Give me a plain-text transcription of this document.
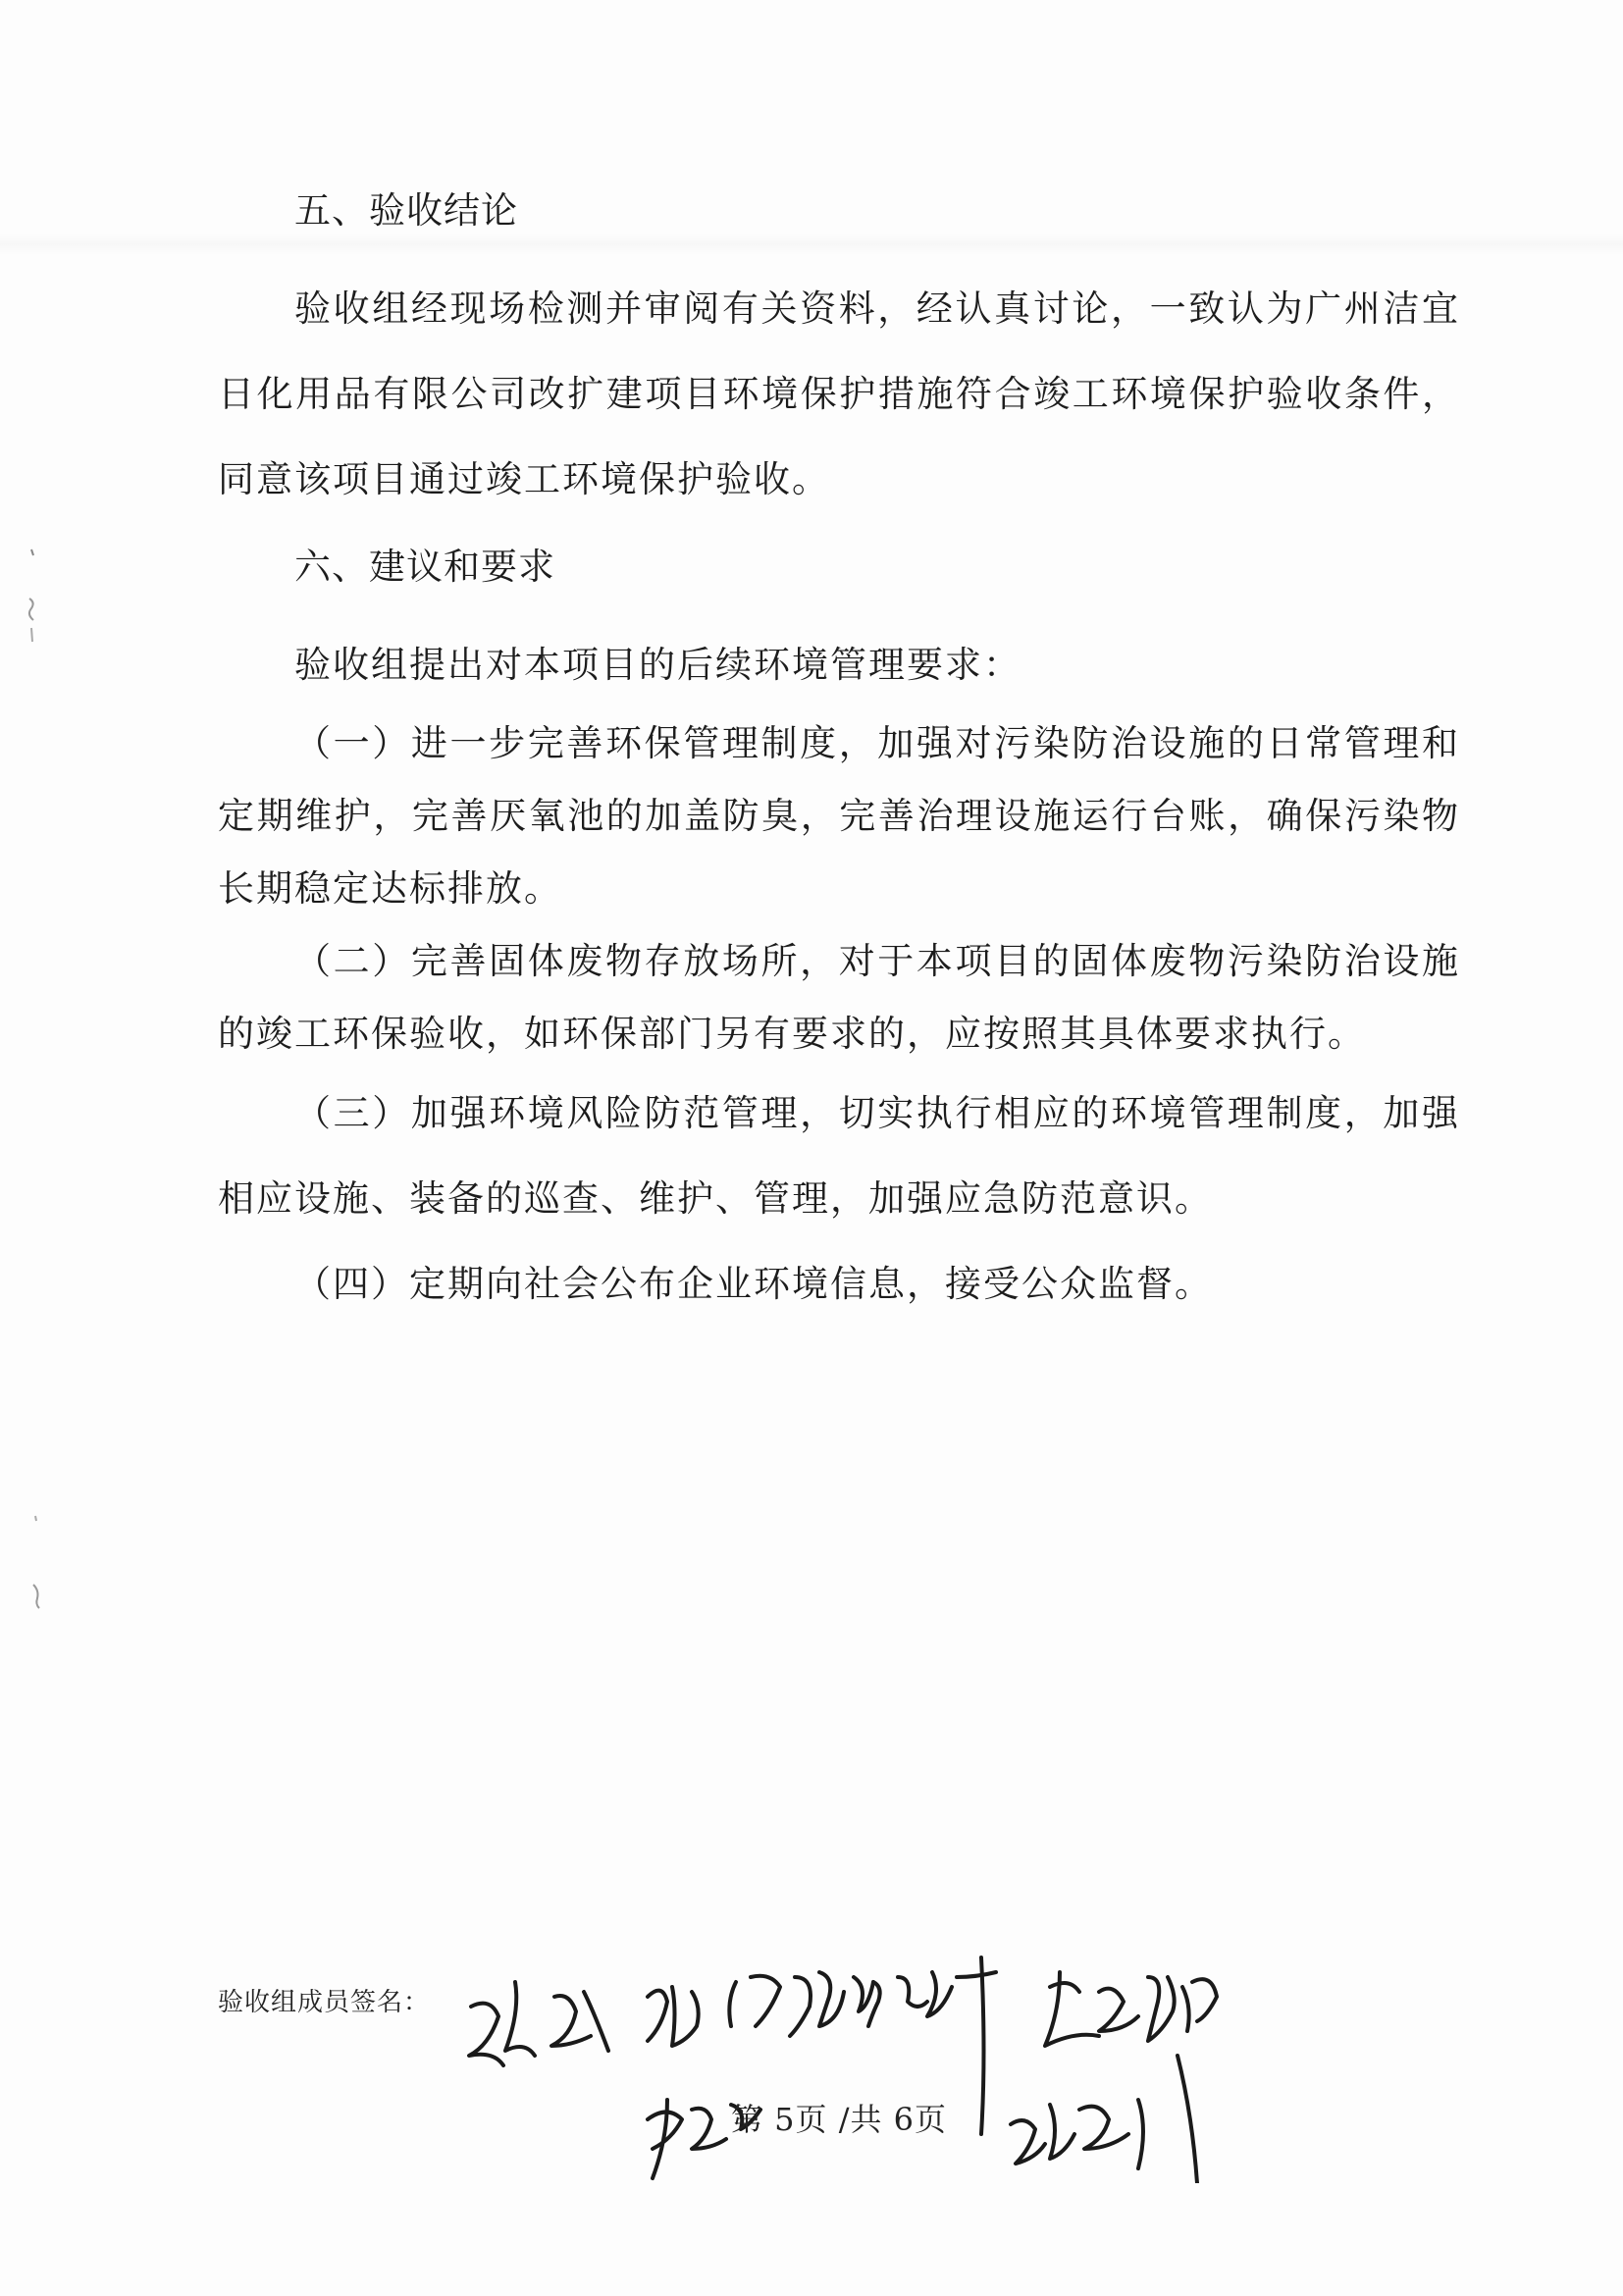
五、验收结论

验收组经现场检测并审阅有关资料，经认真讨论，一致认为广州洁宜日化用品有限公司改扩建项目环境保护措施符合竣工环境保护验收条件，同意该项目通过竣工环境保护验收。

六、建议和要求

验收组提出对本项目的后续环境管理要求：

（一）进一步完善环保管理制度，加强对污染防治设施的日常管理和定期维护，完善厌氧池的加盖防臭，完善治理设施运行台账，确保污染物长期稳定达标排放。

（二）完善固体废物存放场所，对于本项目的固体废物污染防治设施的竣工环保验收，如环保部门另有要求的，应按照其具体要求执行。

（三）加强环境风险防范管理，切实执行相应的环境管理制度，加强相应设施、装备的巡查、维护、管理，加强应急防范意识。

（四）定期向社会公布企业环境信息，接受公众监督。

验收组成员签名：
第 5页 /共 6页
